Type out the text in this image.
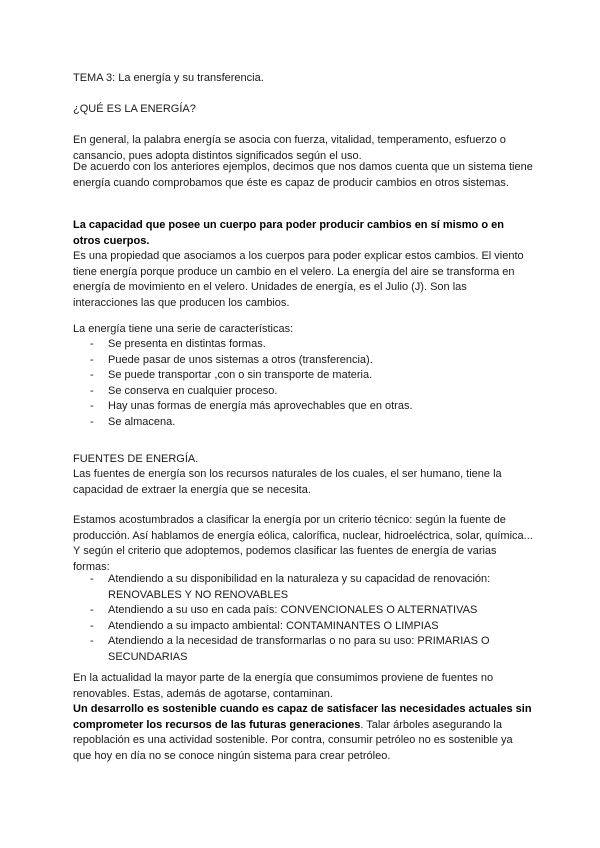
TEMA 3: La energía y su transferencia.

¿QUÉ ES LA ENERGÍA?

En general, la palabra energía se asocia con fuerza, vitalidad, temperamento, esfuerzo o cansancio, pues adopta distintos significados según el uso.

De acuerdo con los anteriores ejemplos, decimos que nos damos cuenta que un sistema tiene energía cuando comprobamos que éste es capaz de producir cambios en otros sistemas.

La capacidad que posee un cuerpo para poder producir cambios en sí mismo o en otros cuerpos.

Es una propiedad que asociamos a los cuerpos para poder explicar estos cambios. El viento tiene energía porque produce un cambio en el velero. La energía del aire se transforma en energía de movimiento en el velero. Unidades de energía, es el Julio (J). Son las interacciones las que producen los cambios.

La energía tiene una serie de características:

- Se presenta en distintas formas.
- Puede pasar de unos sistemas a otros (transferencia).
- Se puede transportar ,con o sin transporte de materia.
- Se conserva en cualquier proceso.
- Hay unas formas de energía más aprovechables que en otras.
- Se almacena.

FUENTES DE ENERGÍA.

Las fuentes de energía son los recursos naturales de los cuales, el ser humano, tiene la capacidad de extraer la energía que se necesita.

Estamos acostumbrados a clasificar la energía por un criterio técnico: según la fuente de producción. Así hablamos de energía eólica, calorífica, nuclear, hidroeléctrica, solar, química... Y según el criterio que adoptemos, podemos clasificar las fuentes de energía de varias formas:

- Atendiendo a su disponibilidad en la naturaleza y su capacidad de renovación: RENOVABLES Y NO RENOVABLES
- Atendiendo a su uso en cada país: CONVENCIONALES O ALTERNATIVAS
- Atendiendo a su impacto ambiental: CONTAMINANTES O LIMPIAS
- Atendiendo a la necesidad de transformarlas o no para su uso: PRIMARIAS O SECUNDARIAS

En la actualidad la mayor parte de la energía que consumimos proviene de fuentes no renovables. Estas, además de agotarse, contaminan.

Un desarrollo es sostenible cuando es capaz de satisfacer las necesidades actuales sin comprometer los recursos de las futuras generaciones. Talar árboles asegurando la repoblación es una actividad sostenible. Por contra, consumir petróleo no es sostenible ya que hoy en día no se conoce ningún sistema para crear petróleo.
